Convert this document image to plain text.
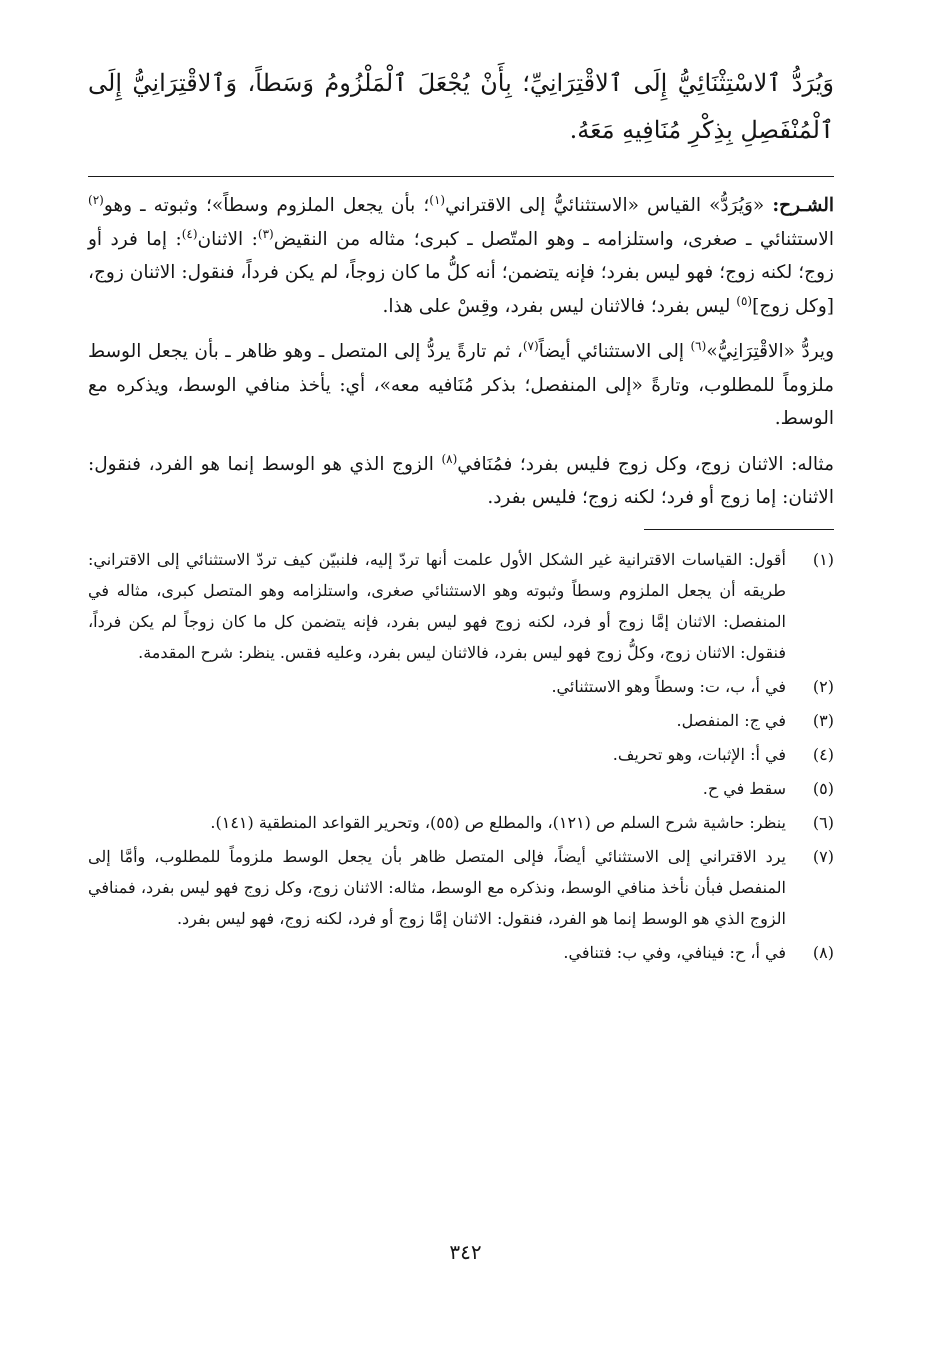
وَيُرَدُّ ٱلاسْتِثْنَائِيُّ إِلَى ٱلاقْتِرَانِيِّ؛ بِأَنْ يُجْعَلَ ٱلْمَلْزُومُ وَسَطاً، وَٱلاقْتِرَانِيُّ إِلَى ٱلْمُنْفَصِلِ بِذِكْرِ مُنَافِيهِ مَعَهُ.

الشـرح: «وَيُرَدُّ» القياس «الاستثنائيُّ إلى الاقتراني$^{(١)}$؛ بأن يجعل الملزوم وسطاً»؛ وثبوته ـ وهو$^{(٢)}$ الاستثنائي ـ صغرى، واستلزامه ـ وهو المتّصل ـ كبرى؛ مثاله من النقيض$^{(٣)}$: الاثنان$^{(٤)}$: إما فرد أو زوج؛ لكنه زوج؛ فهو ليس بفرد؛ فإنه يتضمن؛ أنه كلُّ ما كان زوجاً، لم يكن فرداً، فنقول: الاثنان زوج، [وكل زوج]$^{(٥)}$ ليس بفرد؛ فالاثنان ليس بفرد، وقِسْ على هذا.

ويردُّ «الاقْتِرَانِيُّ»$^{(٦)}$ إلى الاستثنائي أيضاً$^{(٧)}$، ثم تارةً يردُّ إلى المتصل ـ وهو ظاهر ـ بأن يجعل الوسط ملزوماً للمطلوب، وتارةً «إلى المنفصل؛ بذكر مُنَافيه معه»، أي: يأخذ منافي الوسط، ويذكره مع الوسط.

مثاله: الاثنان زوج، وكل زوج فليس بفرد؛ فمُنَافي$^{(٨)}$ الزوج الذي هو الوسط إنما هو الفرد، فنقول: الاثنان: إما زوج أو فرد؛ لكنه زوج؛ فليس بفرد.

(١)
أقول: القياسات الاقترانية غير الشكل الأول علمت أنها تردّ إليه، فلنبيّن كيف تردّ الاستثنائي إلى الاقتراني: طريقه أن يجعل الملزوم وسطاً وثبوته وهو الاستثنائي صغرى، واستلزامه وهو المتصل كبرى، مثاله في المنفصل: الاثنان إمَّا زوج أو فرد، لكنه زوج فهو ليس بفرد، فإنه يتضمن كل ما كان زوجاً لم يكن فرداً، فنقول: الاثنان زوج، وكلُّ زوج فهو ليس بفرد، فالاثنان ليس بفرد، وعليه فقس. ينظر: شرح المقدمة.
(٢)
في أ، ب، ت: وسطاً وهو الاستثنائي.
(٣)
في ج: المنفصل.
(٤)
في أ: الإثبات، وهو تحريف.
(٥)
سقط في ح.
(٦)
ينظر: حاشية شرح السلم ص (١٢١)، والمطلع ص (٥٥)، وتحرير القواعد المنطقية (١٤١).
(٧)
يرد الاقتراني إلى الاستثنائي أيضاً، فإلى المتصل ظاهر بأن يجعل الوسط ملزوماً للمطلوب، وأمَّا إلى المنفصل فبأن نأخذ منافي الوسط، ونذكره مع الوسط، مثاله: الاثنان زوج، وكل زوج فهو ليس بفرد، فمنافي الزوج الذي هو الوسط إنما هو الفرد، فنقول: الاثنان إمَّا زوج أو فرد، لكنه زوج، فهو ليس بفرد.
(٨)
في أ، ح: فينافي، وفي ب: فتنافي.
٣٤٢
